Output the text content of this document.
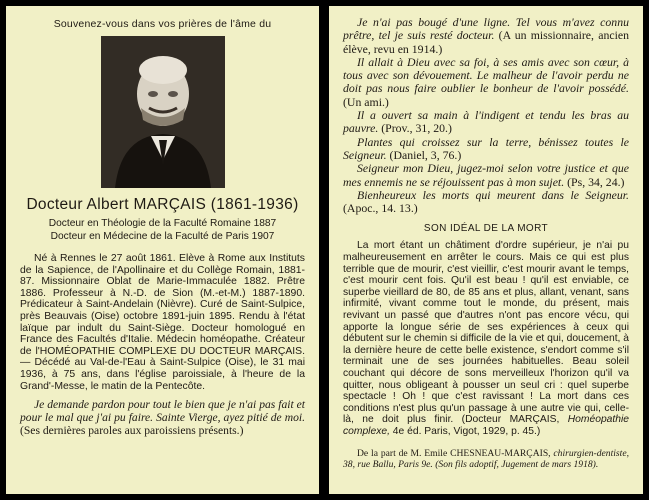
Souvenez-vous dans vos prières de l'âme du
Docteur Albert MARÇAIS (1861-1936)

Docteur en Théologie de la Faculté Romaine 1887

Docteur en Médecine de la Faculté de Paris 1907

Né à Rennes le 27 août 1861. Elève à Rome aux Instituts de la Sapience, de l'Apollinaire et du Collège Romain, 1881-87. Missionnaire Oblat de Marie-Immaculée 1882. Prêtre 1886. Professeur à N.-D. de Sion (M.-et-M.) 1887-1890. Prédicateur à Saint-Andelain (Nièvre). Curé de Saint-Sulpice, près Beauvais (Oise) octobre 1891-juin 1895. Rendu à l'état laïque par indult du Saint-Siège. Docteur homologué en France des Facultés d'Italie. Médecin homéopathe. Créateur de l'HOMÉOPATHIE COMPLEXE DU DOCTEUR MARÇAIS. — Décédé au Val-de-l'Eau à Saint-Sulpice (Oise), le 31 mai 1936, à 75 ans, dans l'église paroissiale, à l'heure de la Grand'-Messe, le matin de la Pentecôte.

Je demande pardon pour tout le bien que je n'ai pas fait et pour le mal que j'ai pu faire. Sainte Vierge, ayez pitié de moi. (Ses dernières paroles aux paroissiens présents.)

Je n'ai pas bougé d'une ligne. Tel vous m'avez connu prêtre, tel je suis resté docteur. (A un missionnaire, ancien élève, revu en 1914.)

Il allait à Dieu avec sa foi, à ses amis avec son cœur, à tous avec son dévouement. Le malheur de l'avoir perdu ne doit pas nous faire oublier le bonheur de l'avoir possédé. (Un ami.)

Il a ouvert sa main à l'indigent et tendu les bras au pauvre. (Prov., 31, 20.)

Plantes qui croissez sur la terre, bénissez toutes le Seigneur. (Daniel, 3, 76.)

Seigneur mon Dieu, jugez-moi selon votre justice et que mes ennemis ne se réjouissent pas à mon sujet. (Ps, 34, 24.)

Bienheureux les morts qui meurent dans le Seigneur. (Apoc., 14. 13.)

SON IDÉAL DE LA MORT

La mort étant un châtiment d'ordre supérieur, je n'ai pu malheureusement en arrêter le cours. Mais ce qui est plus terrible que de mourir, c'est vieillir, c'est mourir avant le temps, c'est mourir cent fois. Qu'il est beau ! qu'il est enviable, ce superbe vieillard de 80, de 85 ans et plus, allant, venant, sans infirmité, vivant comme tout le monde, du présent, mais revivant un passé que d'autres n'ont pas encore vécu, qui apporte la longue série de ses expériences à ceux qui débutent sur le chemin si difficile de la vie et qui, doucement, à la dernière heure de cette belle existence, s'endort comme s'il terminait une de ses journées habituelles. Beau soleil couchant qui décore de sons merveilleux l'horizon qu'il va quitter, nous obligeant à pousser un seul cri : quel superbe spectacle ! Oh ! que c'est ravissant ! La mort dans ces conditions n'est plus qu'un passage à une autre vie qui, celle-là, ne doit plus finir. (Docteur MARÇAIS, Homéopathie complexe, 4e éd. Paris, Vigot, 1929, p. 45.)

De la part de M. Emile CHESNEAU-MARÇAIS, chirurgien-dentiste, 38, rue Ballu, Paris 9e. (Son fils adoptif, Jugement de mars 1918).
